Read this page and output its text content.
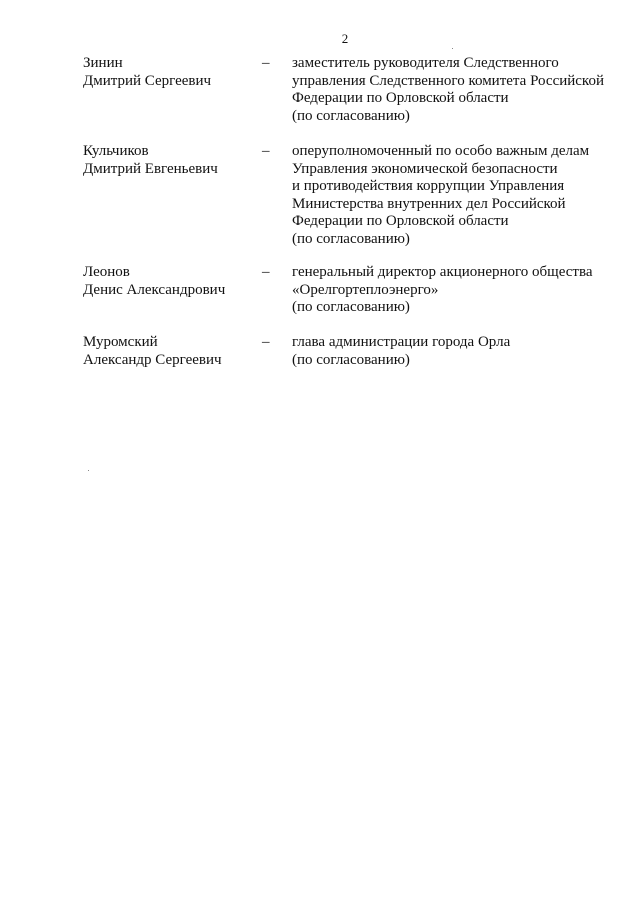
2
Зинин
Дмитрий Сергеевич
–	заместитель руководителя Следственного
управления Следственного комитета Российской
Федерации по Орловской области
(по согласованию)
Кульчиков
Дмитрий Евгеньевич
–	оперуполномоченный по особо важным делам
Управления экономической безопасности
и противодействия коррупции Управления
Министерства внутренних дел Российской
Федерации по Орловской области
(по согласованию)
Леонов
Денис Александрович
–	генеральный директор акционерного общества
«Орелгортеплоэнерго»
(по согласованию)
Муромский
Александр Сергеевич
–	глава администрации города Орла
(по согласованию)
